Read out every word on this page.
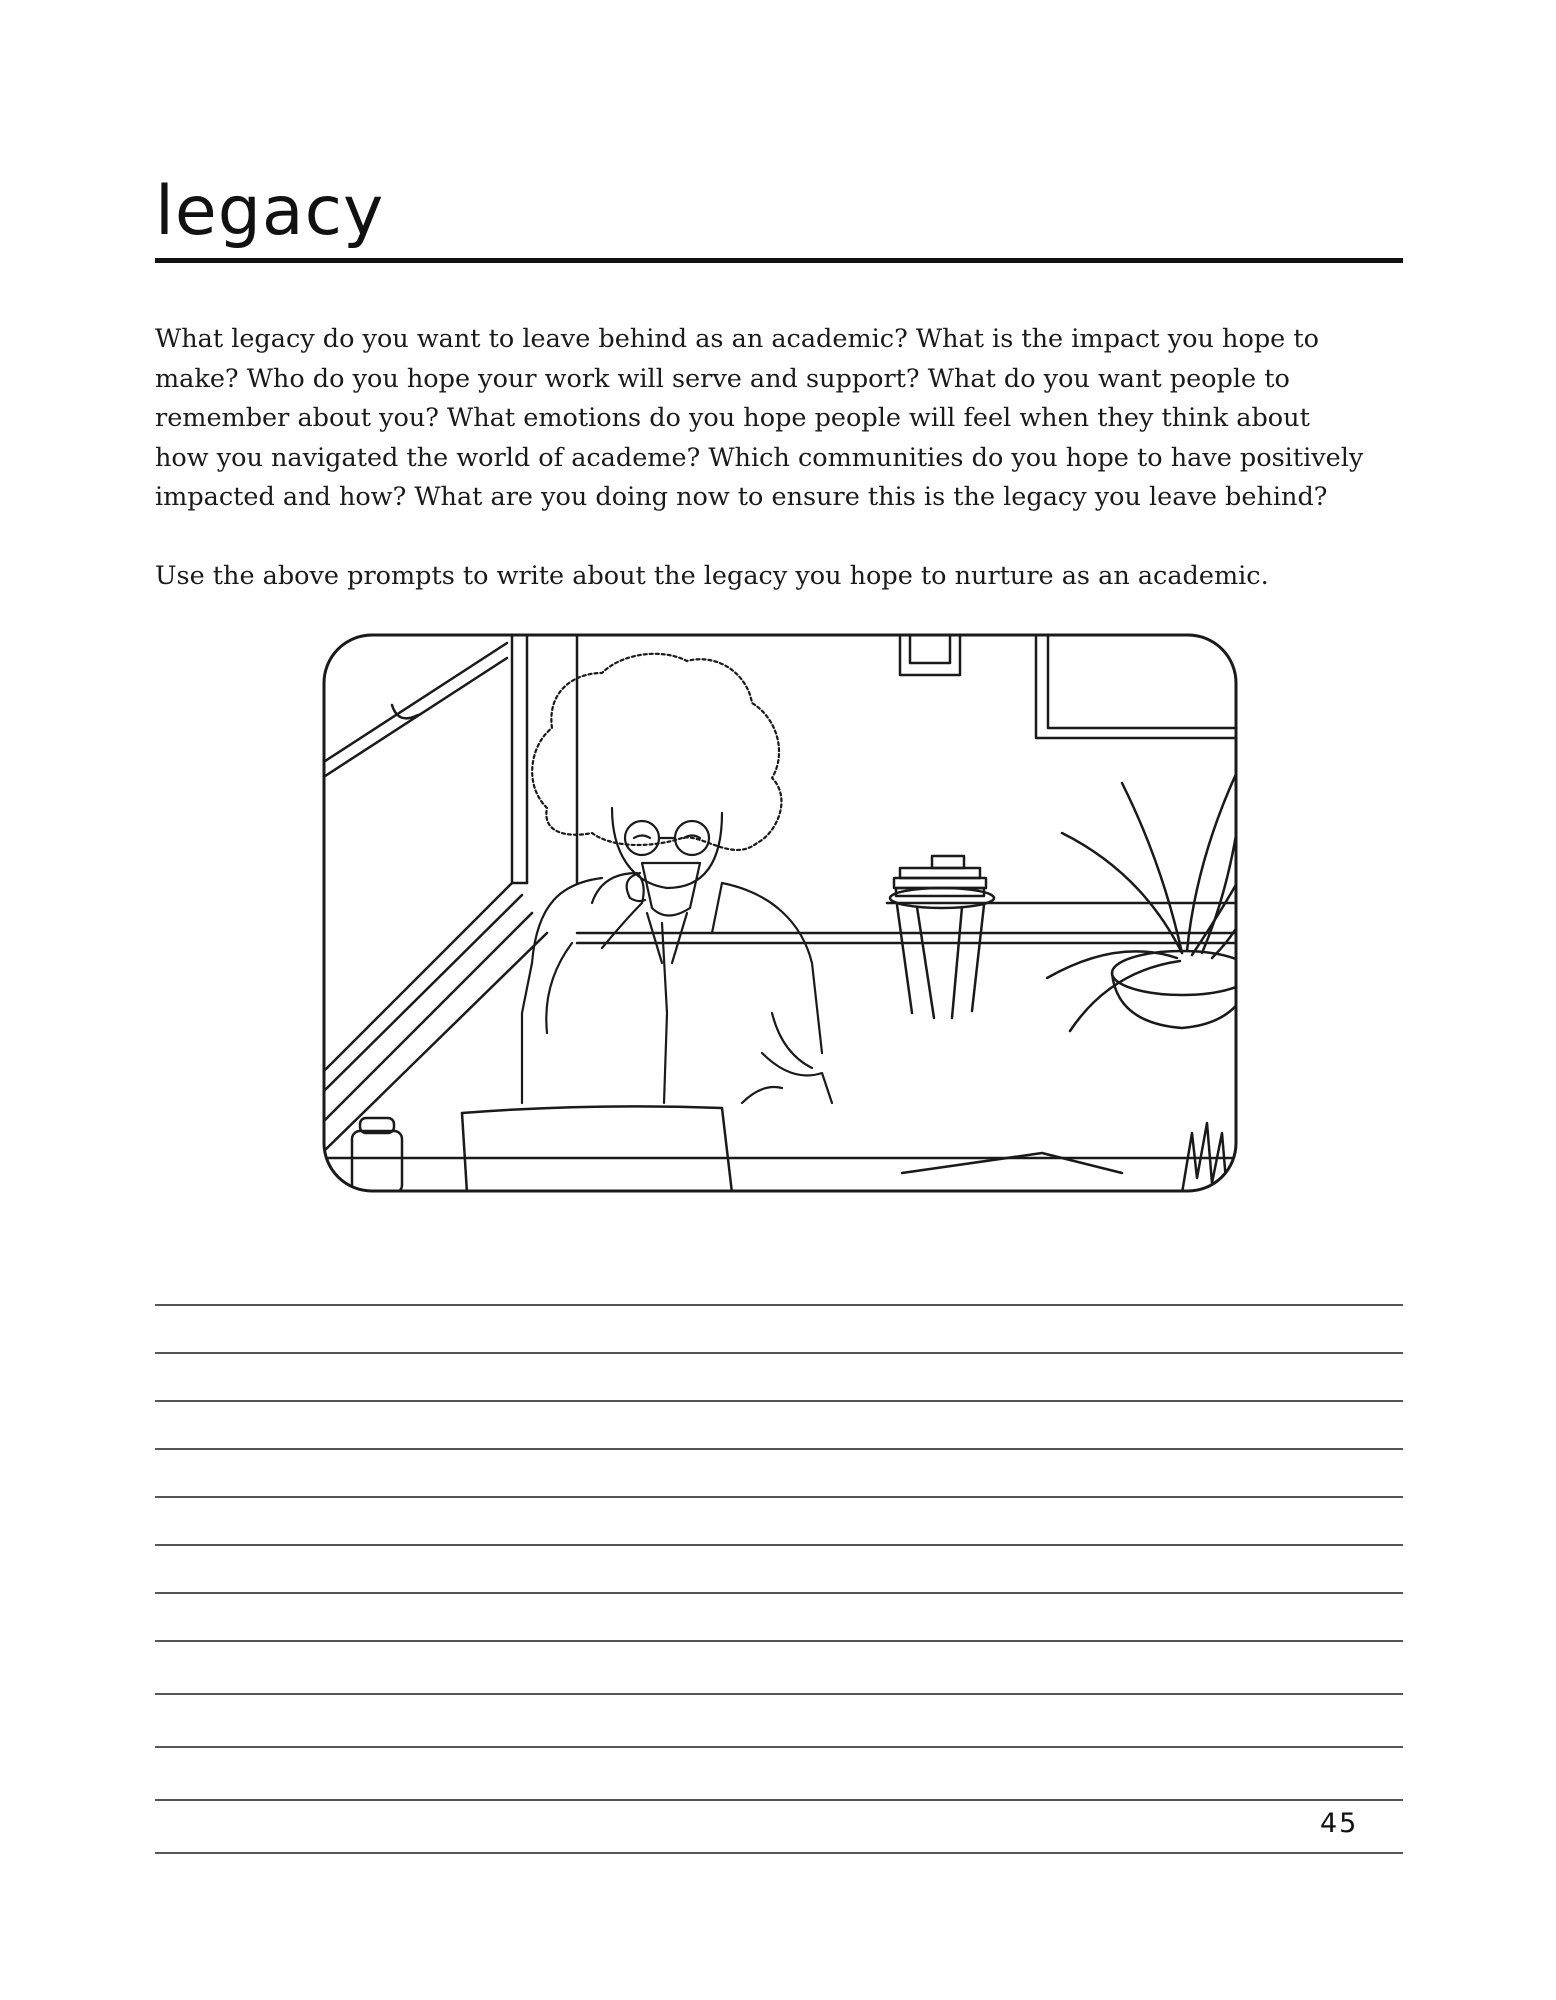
legacy
What legacy do you want to leave behind as an academic? What is the impact you hope to
make? Who do you hope your work will serve and support? What do you want people to
remember about you? What emotions do you hope people will feel when they think about
how you navigated the world of academe? Which communities do you hope to have positively
impacted and how? What are you doing now to ensure this is the legacy you leave behind?
Use the above prompts to write about the legacy you hope to nurture as an academic.
45
